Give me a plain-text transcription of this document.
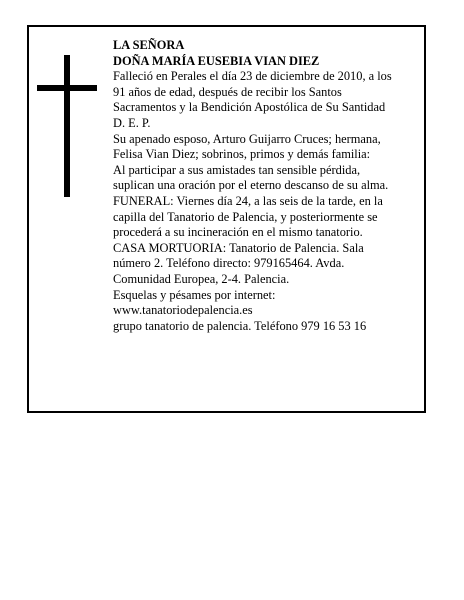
LA SEÑORA
DOÑA MARÍA EUSEBIA VIAN DIEZ
Falleció en Perales el día 23 de diciembre de 2010, a los
91 años de edad, después de recibir los Santos
Sacramentos y la Bendición Apostólica de Su Santidad
D. E. P.
Su apenado esposo, Arturo Guijarro Cruces; hermana,
Felisa Vian Diez; sobrinos, primos y demás familia:
Al participar a sus amistades tan sensible pérdida,
suplican una oración por el eterno descanso de su alma.
FUNERAL: Viernes día 24, a las seis de la tarde, en la
capilla del Tanatorio de Palencia, y posteriormente se
procederá a su incineración en el mismo tanatorio.
CASA MORTUORIA: Tanatorio de Palencia. Sala
número 2. Teléfono directo: 979165464. Avda.
Comunidad Europea, 2-4. Palencia.
Esquelas y pésames por internet:
www.tanatoriodepalencia.es
grupo tanatorio de palencia. Teléfono 979 16 53 16
